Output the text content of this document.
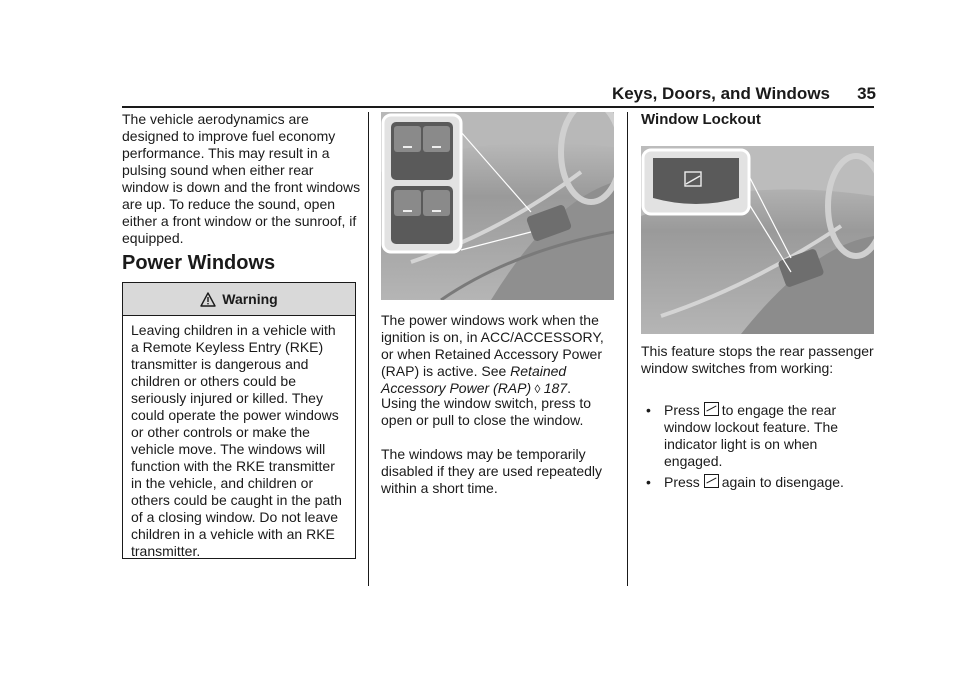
Keys, Doors, and Windows	35

The vehicle aerodynamics are designed to improve fuel economy performance. This may result in a pulsing sound when either rear window is down and the front windows are up. To reduce the sound, open either a front window or the sunroof, if equipped.

Power Windows
Warning
Leaving children in a vehicle with a Remote Keyless Entry (RKE) transmitter is dangerous and children or others could be seriously injured or killed. They could operate the power windows or other controls or make the vehicle move. The windows will function with the RKE transmitter in the vehicle, and children or others could be caught in the path of a closing window. Do not leave children in a vehicle with an RKE transmitter.

The power windows work when the ignition is on, in ACC/ACCESSORY, or when Retained Accessory Power (RAP) is active. See Retained Accessory Power (RAP) ◊ 187.

Using the window switch, press to open or pull to close the window.

The windows may be temporarily disabled if they are used repeatedly within a short time.

Window Lockout

This feature stops the rear passenger window switches from working:

• Press to engage the rear window lockout feature. The indicator light is on when engaged.
• Press again to disengage.
